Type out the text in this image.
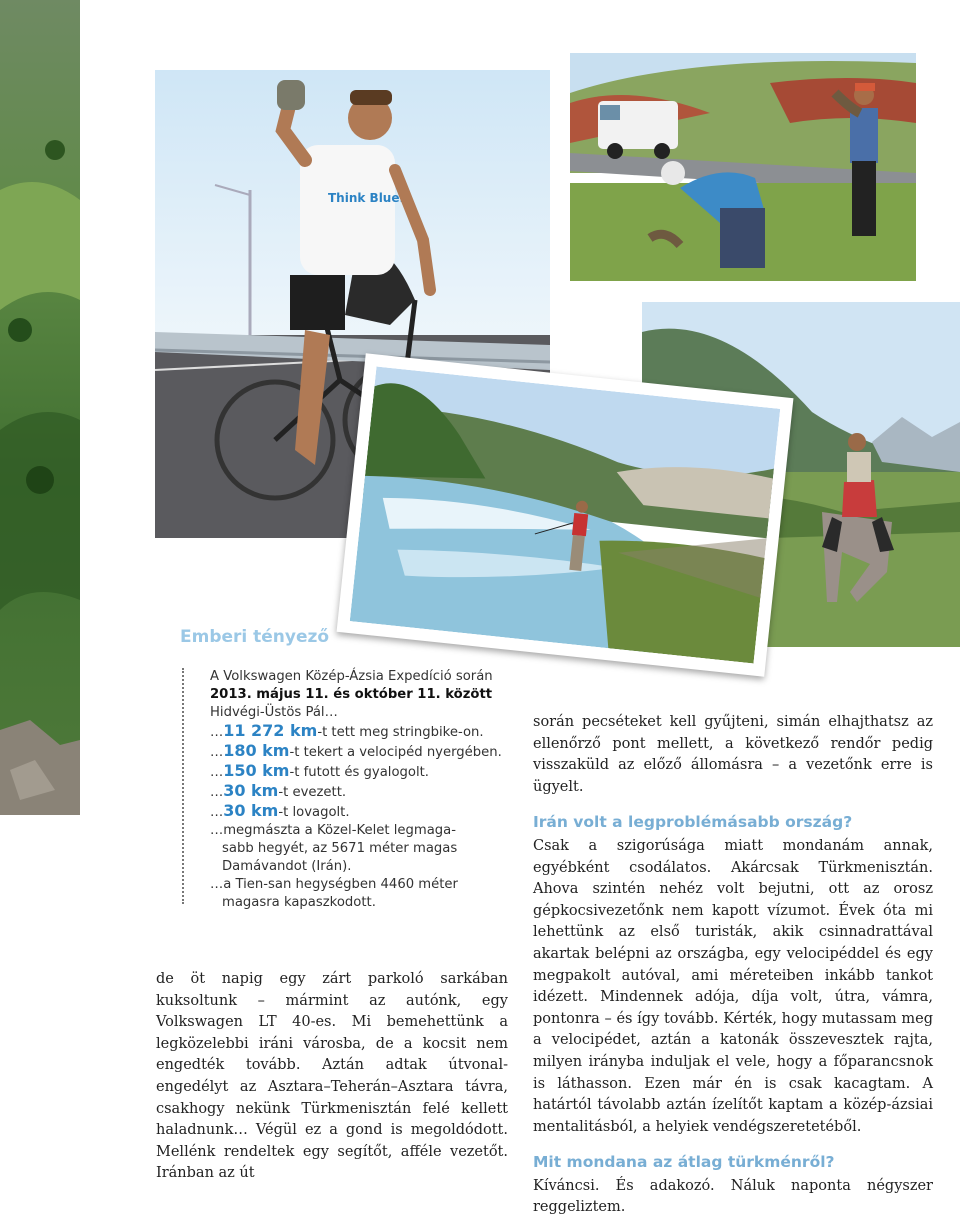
Think Blue.
Emberi tényező
A Volkswagen Közép-Ázsia Expedíció során
2013. május 11. és október 11. között
Hidvégi-Üstös Pál…
…11 272 km-t tett meg stringbike-on.
…180 km-t tekert a velocipéd nyergében.
…150 km-t futott és gyalogolt.
…30 km-t evezett.
…30 km-t lovagolt.
…megmászta a Közel-Kelet legmaga-
sabb hegyét, az 5671 méter magas
Damávandot (Irán).
…a Tien-san hegységben 4460 méter
magasra kapaszkodott.

de öt napig egy zárt parkoló sarkában kuksoltunk – mármint az autónk, egy Volkswagen LT 40-es. Mi bemehettünk a legközelebbi iráni városba, de a kocsit nem engedték tovább. Aztán adtak útvonal-engedélyt az Asztara–Teherán–Asztara távra, csakhogy nekünk Türkmenisztán felé kellett haladnunk… Végül ez a gond is megoldódott. Mellénk rendeltek egy segítőt, afféle vezetőt. Iránban az út

során pecséteket kell gyűjteni, simán elhajthatsz az ellenőrző pont mellett, a következő rendőr pedig visszaküld az előző állomásra – a vezetőnk erre is ügyelt.

Irán volt a legproblémásabb ország?

Csak a szigorúsága miatt mondanám annak, egyébként csodálatos. Akárcsak Türkmenisztán. Ahova szintén nehéz volt bejutni, ott az orosz gépkocsivezetőnk nem kapott vízumot. Évek óta mi lehettünk az első turisták, akik csinnadrattával akartak belépni az országba, egy velocipéddel és egy megpakolt autóval, ami méreteiben inkább tankot idézett. Mindennek adója, díja volt, útra, vámra, pontonra – és így tovább. Kérték, hogy mutassam meg a velocipédet, aztán a katonák összevesztek rajta, milyen irányba induljak el vele, hogy a főparancsnok is láthasson. Ezen már én is csak kacagtam. A határtól távolabb aztán ízelítőt kaptam a közép-ázsiai mentalitásból, a helyiek vendégszeretetéből.

Mit mondana az átlag türkménről?

Kíváncsi. És adakozó. Náluk naponta négyszer reggeliztem.
